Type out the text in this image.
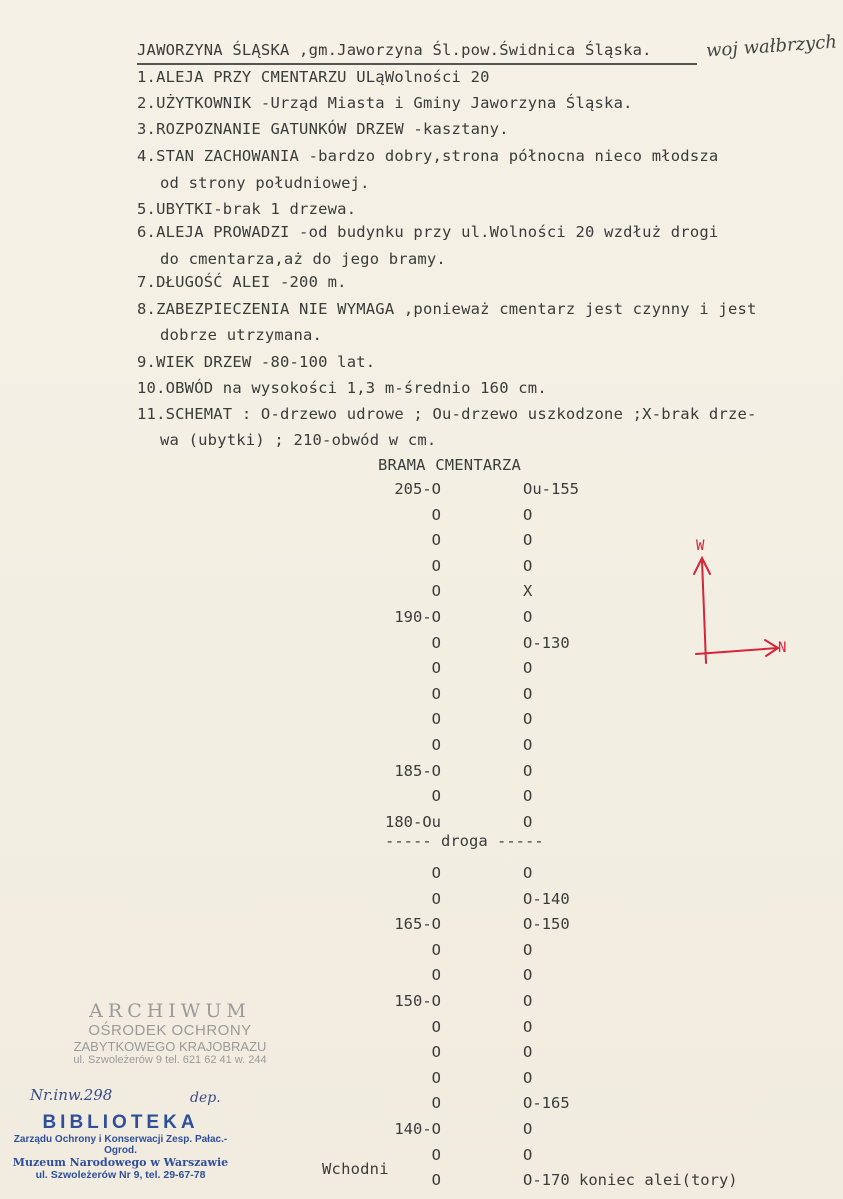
JAWORZYNA ŚLĄSKA ,gm.Jaworzyna Śl.pow.Świdnica Śląska.	woj wałbrzych
1.ALEJA PRZY CMENTARZU ULąWolności 20
2.UŻYTKOWNIK -Urząd Miasta i Gminy Jaworzyna Śląska.
3.ROZPOZNANIE GATUNKÓW DRZEW -kasztany.
4.STAN ZACHOWANIA -bardzo dobry,strona północna nieco młodsza
od strony południowej.
5.UBYTKI-brak 1 drzewa.
6.ALEJA PROWADZI -od budynku przy ul.Wolności 20 wzdłuż drogi
do cmentarza,aż do jego bramy.
7.DŁUGOŚĆ ALEI -200 m.
8.ZABEZPIECZENIA NIE WYMAGA ,ponieważ cmentarz jest czynny i jest
dobrze utrzymana.
9.WIEK DRZEW -80-100 lat.
10.OBWÓD na wysokości 1,3 m-średnio 160 cm.
11.SCHEMAT : O-drzewo udrowe ; Ou-drzewo uszkodzone ;X-brak drze-
wa (ubytki) ; 210-obwód w cm.
BRAMA CMENTARZA
205-O	Ou-155
O	O
O	O
O	O
O	X
190-O	O
O	O-130
O	O
O	O
O	O
O	O
185-O	O
O	O
180-Ou	O
----- droga -----
O	O
O	O-140
165-O	O-150
O	O
O	O
150-O	O
O	O
O	O
O	O
O	O-165
140-O	O
O	O
O	O-170 koniec alei(tory)
Wchodni
W
N
ARCHIWUM
OŚRODEK OCHRONY
ZABYTKOWEGO KRAJOBRAZU
ul. Szwoleżerów 9 tel. 621 62 41 w. 244
Nr.inw.298	dep.
BIBLIOTEKA
Zarządu Ochrony i Konserwacji Zesp. Pałac.-Ogrod.
Muzeum Narodowego w Warszawie
ul. Szwoleżerów Nr 9, tel. 29-67-78
